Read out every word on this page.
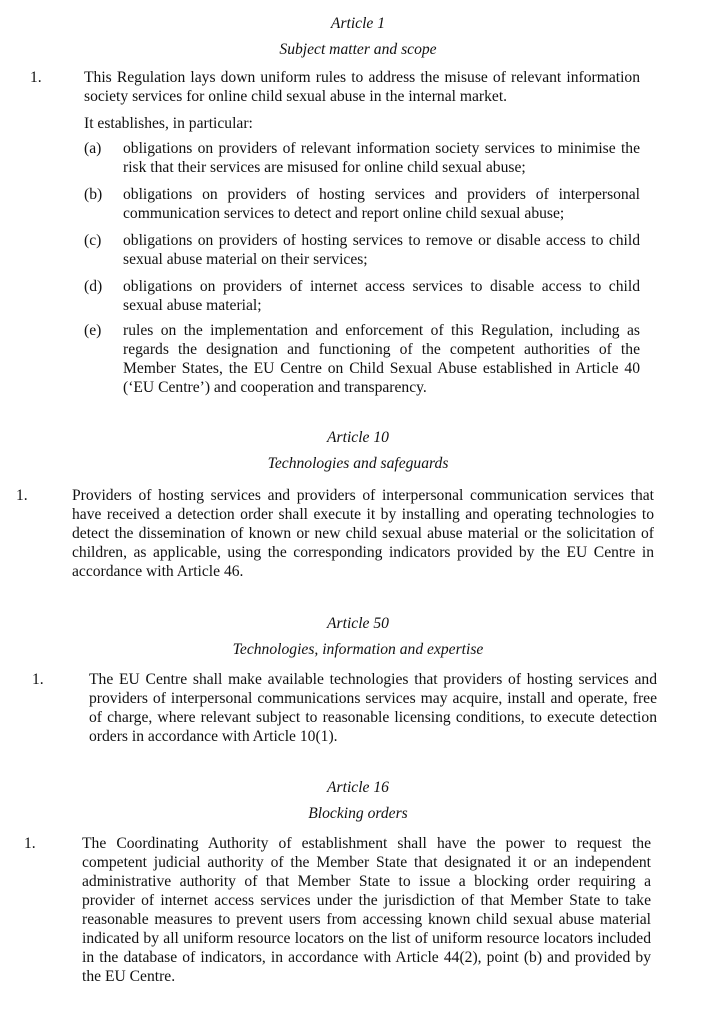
Article 1
Subject matter and scope
1.	This Regulation lays down uniform rules to address the misuse of relevant information society services for online child sexual abuse in the internal market.
It establishes, in particular:
(a) obligations on providers of relevant information society services to minimise the risk that their services are misused for online child sexual abuse;
(b) obligations on providers of hosting services and providers of interpersonal communication services to detect and report online child sexual abuse;
(c) obligations on providers of hosting services to remove or disable access to child sexual abuse material on their services;
(d) obligations on providers of internet access services to disable access to child sexual abuse material;
(e) rules on the implementation and enforcement of this Regulation, including as regards the designation and functioning of the competent authorities of the Member States, the EU Centre on Child Sexual Abuse established in Article 40 (‘EU Centre’) and cooperation and transparency.
Article 10
Technologies and safeguards
1.	Providers of hosting services and providers of interpersonal communication services that have received a detection order shall execute it by installing and operating technologies to detect the dissemination of known or new child sexual abuse material or the solicitation of children, as applicable, using the corresponding indicators provided by the EU Centre in accordance with Article 46.
Article 50
Technologies, information and expertise
1.	The EU Centre shall make available technologies that providers of hosting services and providers of interpersonal communications services may acquire, install and operate, free of charge, where relevant subject to reasonable licensing conditions, to execute detection orders in accordance with Article 10(1).
Article 16
Blocking orders
1.	The Coordinating Authority of establishment shall have the power to request the competent judicial authority of the Member State that designated it or an independent administrative authority of that Member State to issue a blocking order requiring a provider of internet access services under the jurisdiction of that Member State to take reasonable measures to prevent users from accessing known child sexual abuse material indicated by all uniform resource locators on the list of uniform resource locators included in the database of indicators, in accordance with Article 44(2), point (b) and provided by the EU Centre.
